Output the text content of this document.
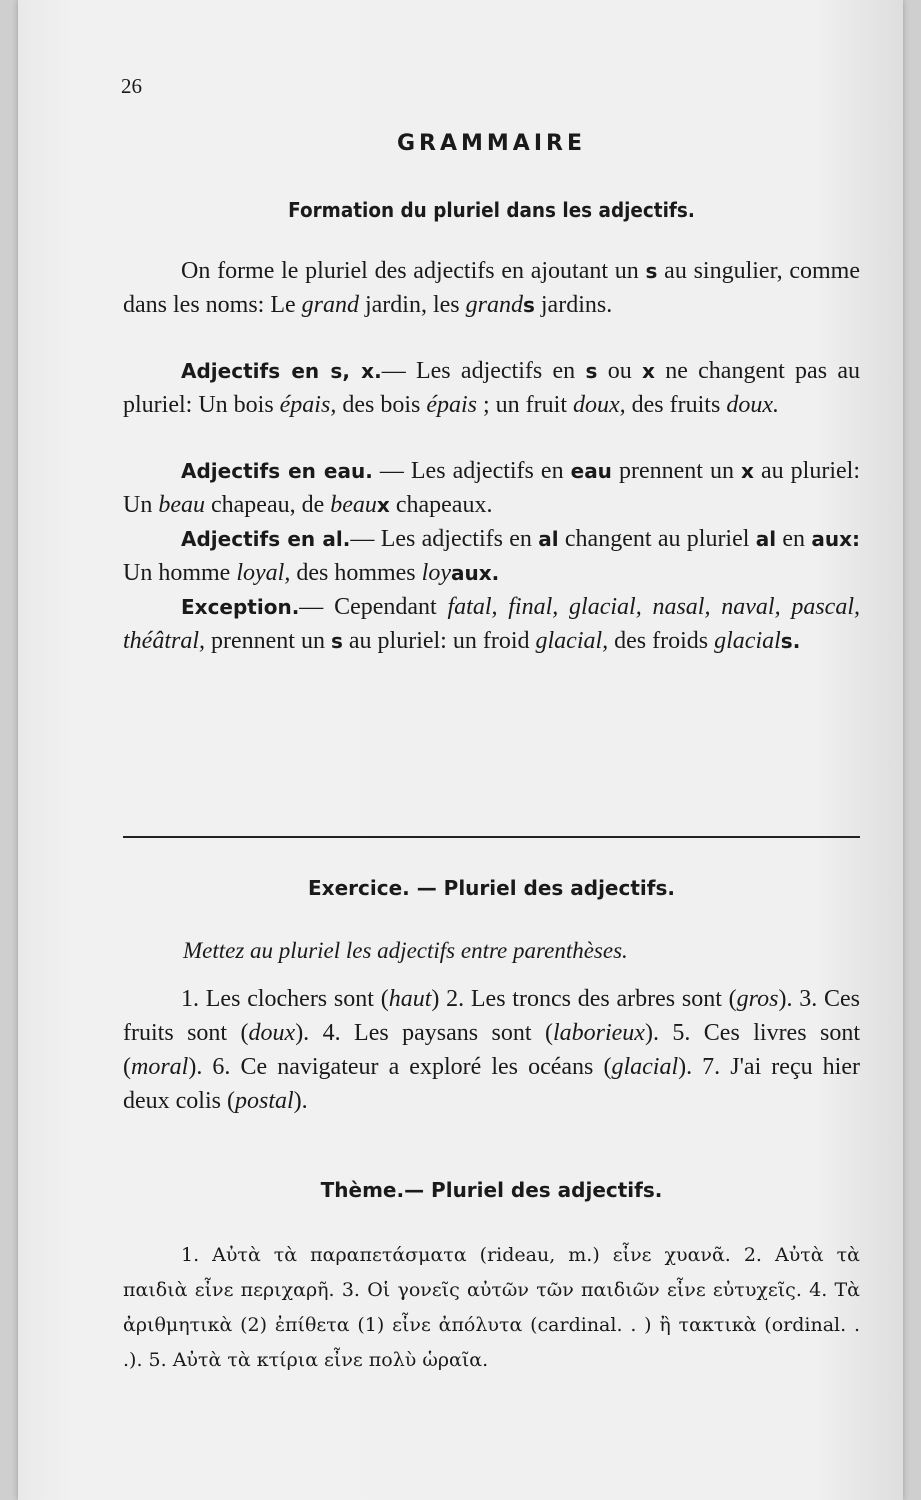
26
GRAMMAIRE
Formation du pluriel dans les adjectifs.
On forme le pluriel des adjectifs en ajoutant un s au singulier, comme dans les noms: Le grand jardin, les grands jardins.
Adjectifs en s, x.— Les adjectifs en s ou x ne changent pas au pluriel: Un bois épais, des bois épais ; un fruit doux, des fruits doux.
Adjectifs en eau. — Les adjectifs en eau prennent un x au pluriel: Un beau chapeau, de beaux chapeaux.
Adjectifs en al.— Les adjectifs en al changent au pluriel al en aux: Un homme loyal, des hommes loyaux.
Exception.— Cependant fatal, final, glacial, nasal, naval, pascal, théâtral, prennent un s au pluriel: un froid glacial, des froids glacials.
Exercice. — Pluriel des adjectifs.
Mettez au pluriel les adjectifs entre parenthèses.
1. Les clochers sont (haut) 2. Les troncs des arbres sont (gros). 3. Ces fruits sont (doux). 4. Les paysans sont (laborieux). 5. Ces livres sont (moral). 6. Ce navigateur a exploré les océans (glacial). 7. J'ai reçu hier deux colis (postal).
Thème.— Pluriel des adjectifs.
1. Αὐτὰ τὰ παραπετάσματα (rideau, m.) εἶνε χυανᾶ. 2. Αὐτὰ τὰ παιδιὰ εἶνε περιχαρῆ. 3. Οἱ γονεῖς αὐτῶν τῶν παιδιῶν εἶνε εὐτυχεῖς. 4. Τὰ ἀριθμητικὰ (2) ἐπίθετα (1) εἶνε ἀπόλυτα (cardinal. . ) ἢ τακτικὰ (ordinal. . .). 5. Αὐτὰ τὰ κτίρια εἶνε πολὺ ὡραῖα.
